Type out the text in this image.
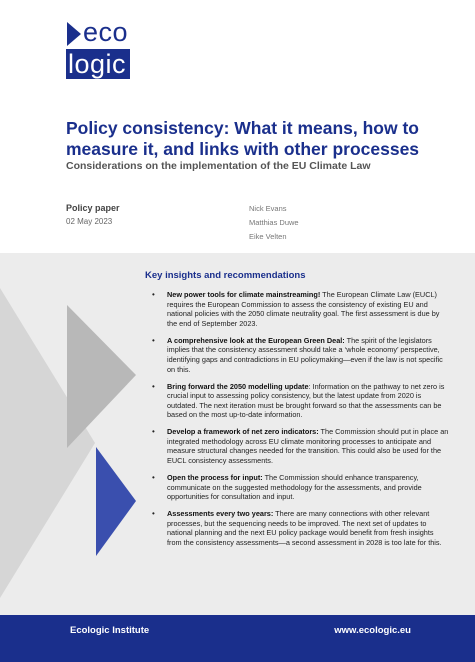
eco
logic
Policy consistency: What it means, how to measure it, and links with other processes

Considerations on the implementation of the EU Climate Law

Policy paper
02 May 2023
Nick Evans
Matthias Duwe
Eike Velten
Key insights and recommendations
• New power tools for climate mainstreaming! The European Climate Law (EUCL) requires the European Commission to assess the consistency of existing EU and national policies with the 2050 climate neutrality goal. The first assessment is due by the end of September 2023.
• A comprehensive look at the European Green Deal: The spirit of the legislators implies that the consistency assessment should take a ‘whole economy’ perspective, identifying gaps and contradictions in EU policymaking—even if the law is not specific on this.
• Bring forward the 2050 modelling update: Information on the pathway to net zero is crucial input to assessing policy consistency, but the latest update from 2020 is outdated. The next iteration must be brought forward so that the assessments can be based on the most up-to-date information.
• Develop a framework of net zero indicators: The Commission should put in place an integrated methodology across EU climate monitoring processes to anticipate and measure structural changes needed for the transition. This could also be used for the EUCL consistency assessments.
• Open the process for input: The Commission should enhance transparency, communicate on the suggested methodology for the assessments, and provide opportunities for consultation and input.
• Assessments every two years: There are many connections with other relevant processes, but the sequencing needs to be improved. The next set of updates to national planning and the next EU policy package would benefit from fresh insights from the consistency assessments—a second assessment in 2028 is too late for this.
Ecologic Institute	www.ecologic.eu
